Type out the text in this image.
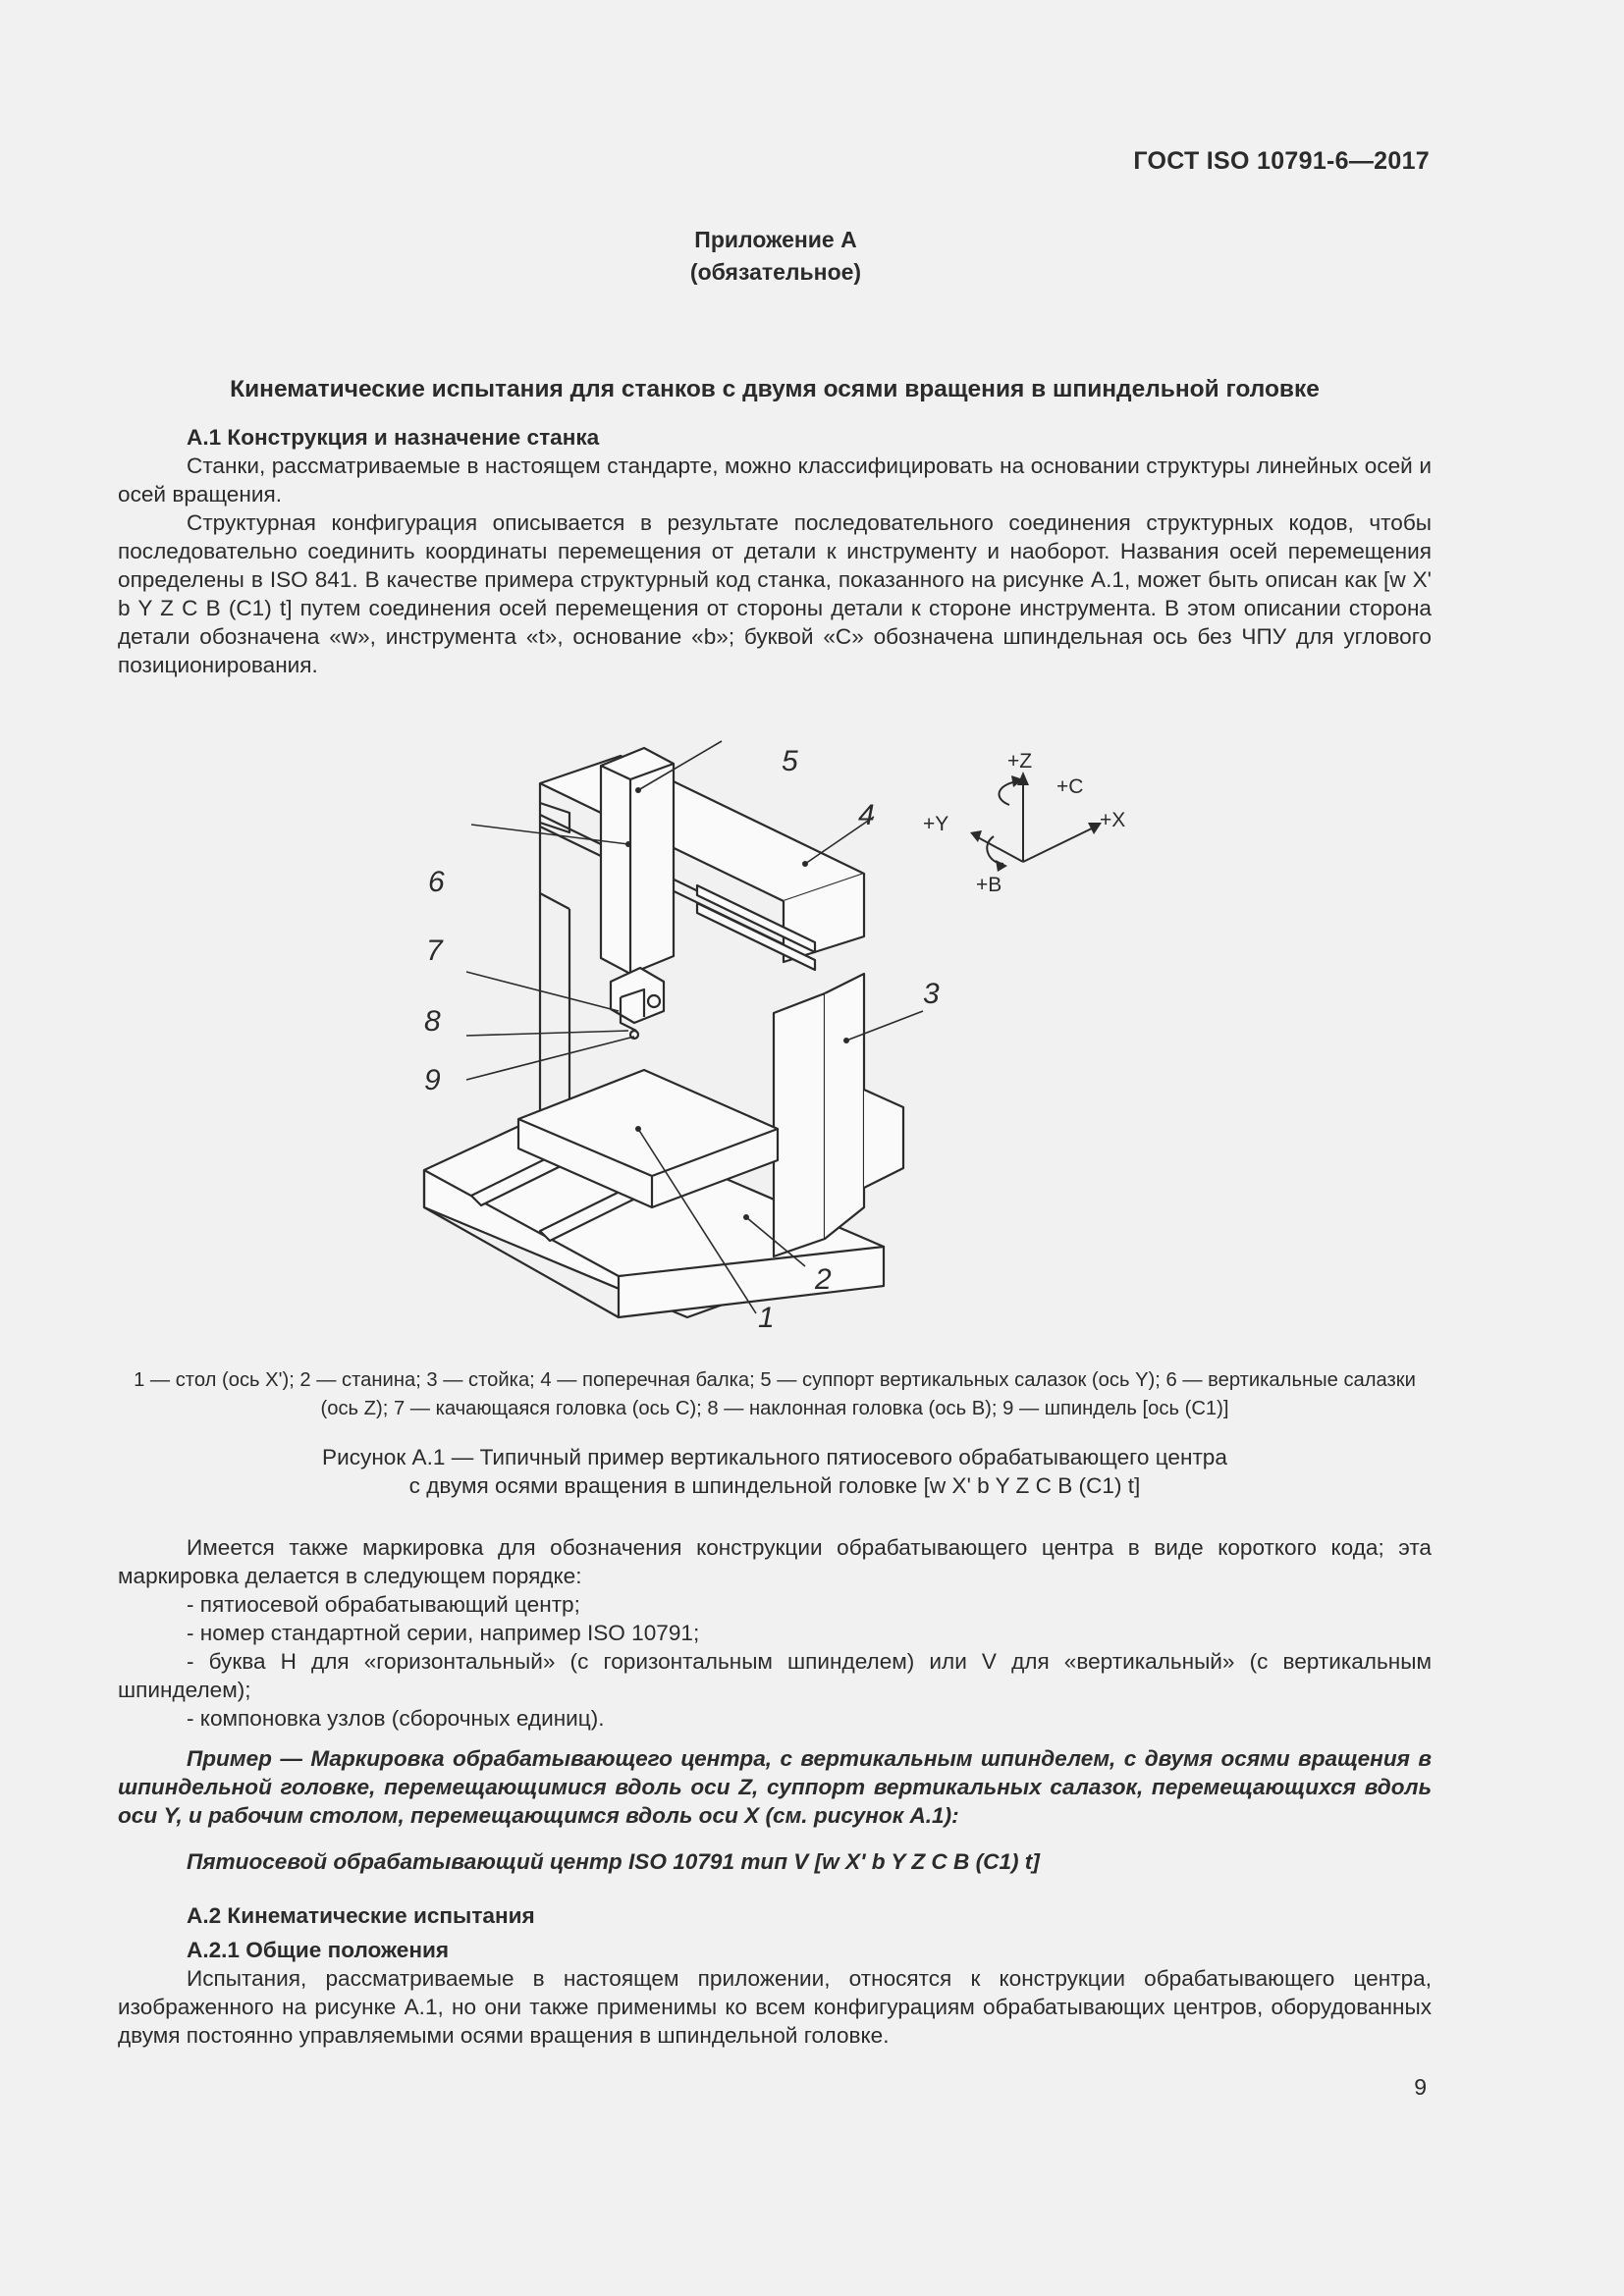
ГОСТ ISO 10791-6—2017
Приложение А
(обязательное)
Кинематические испытания для станков с двумя осями вращения в шпиндельной головке

А.1 Конструкция и назначение станка

Станки, рассматриваемые в настоящем стандарте, можно классифицировать на основании структуры линейных осей и осей вращения.

Структурная конфигурация описывается в результате последовательного соединения структурных кодов, чтобы последовательно соединить координаты перемещения от детали к инструменту и наоборот. Названия осей перемещения определены в ISO 841. В качестве примера структурный код станка, показанного на рисунке А.1, может быть описан как [w X' b Y Z C B (C1) t] путем соединения осей перемещения от стороны детали к стороне инструмента. В этом описании сторона детали обозначена «w», инструмента «t», основание «b»; буквой «C» обозначена шпиндельная ось без ЧПУ для углового позиционирования.

6
7
8
9
5
4
3
2
1
+Z
+C
+Y	+X
+B
1 — стол (ось X'); 2 — станина; 3 — стойка; 4 — поперечная балка; 5 — суппорт вертикальных салазок (ось Y); 6 — вертикальные салазки (ось Z); 7 — качающаяся головка (ось C); 8 — наклонная головка (ось B); 9 — шпиндель [ось (C1)]
Рисунок А.1 — Типичный пример вертикального пятиосевого обрабатывающего центра
с двумя осями вращения в шпиндельной головке [w X' b Y Z C B (C1) t]

Имеется также маркировка для обозначения конструкции обрабатывающего центра в виде короткого кода; эта маркировка делается в следующем порядке:

- пятиосевой обрабатывающий центр;

- номер стандартной серии, например ISO 10791;

- буква H для «горизонтальный» (с горизонтальным шпинделем) или V для «вертикальный» (с вертикальным шпинделем);

- компоновка узлов (сборочных единиц).

Пример — Маркировка обрабатывающего центра, с вертикальным шпинделем, с двумя осями вращения в шпиндельной головке, перемещающимися вдоль оси Z, суппорт вертикальных салазок, перемещающихся вдоль оси Y, и рабочим столом, перемещающимся вдоль оси X (см. рисунок А.1):

Пятиосевой обрабатывающий центр ISO 10791 тип V [w X' b Y Z C B (C1) t]

А.2 Кинематические испытания

А.2.1 Общие положения

Испытания, рассматриваемые в настоящем приложении, относятся к конструкции обрабатывающего центра, изображенного на рисунке А.1, но они также применимы ко всем конфигурациям обрабатывающих центров, оборудованных двумя постоянно управляемыми осями вращения в шпиндельной головке.

9
